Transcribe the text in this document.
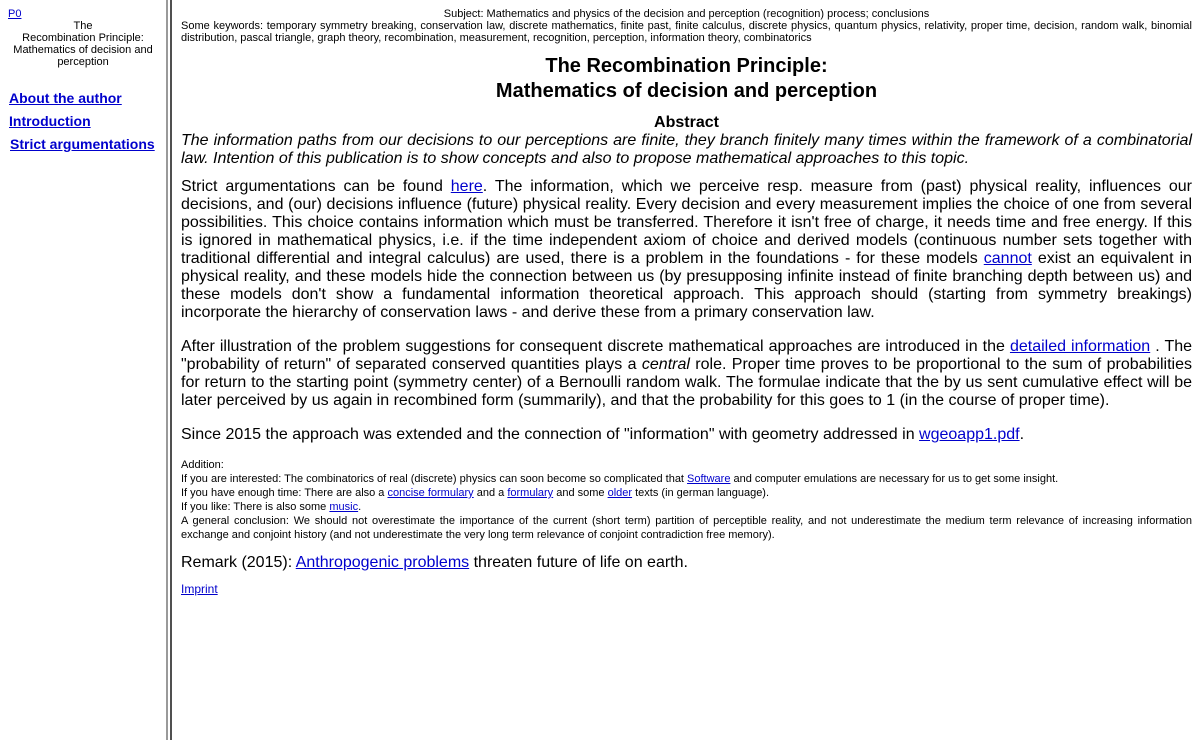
P0
The
Recombination Principle:
Mathematics of decision and
perception
About the author
Introduction
Strict argumentations
Subject: Mathematics and physics of the decision and perception (recognition) process; conclusions
Some keywords: temporary symmetry breaking, conservation law, discrete mathematics, finite past, finite calculus, discrete physics, quantum physics, relativity, proper time, decision, random walk, binomial distribution, pascal triangle, graph theory, recombination, measurement, recognition, perception, information theory, combinatorics
The Recombination Principle:
Mathematics of decision and perception
Abstract

The information paths from our decisions to our perceptions are finite, they branch finitely many times within the framework of a combinatorial law. Intention of this publication is to show concepts and also to propose mathematical approaches to this topic.

Strict argumentations can be found here. The information, which we perceive resp. measure from (past) physical reality, influences our decisions, and (our) decisions influence (future) physical reality. Every decision and every measurement implies the choice of one from several possibilities. This choice contains information which must be transferred. Therefore it isn't free of charge, it needs time and free energy. If this is ignored in mathematical physics, i.e. if the time independent axiom of choice and derived models (continuous number sets together with traditional differential and integral calculus) are used, there is a problem in the foundations - for these models cannot exist an equivalent in physical reality, and these models hide the connection between us (by presupposing infinite instead of finite branching depth between us) and these models don't show a fundamental information theoretical approach. This approach should (starting from symmetry breakings) incorporate the hierarchy of conservation laws - and derive these from a primary conservation law.

After illustration of the problem suggestions for consequent discrete mathematical approaches are introduced in the detailed information . The "probability of return" of separated conserved quantities plays a central role. Proper time proves to be proportional to the sum of probabilities for return to the starting point (symmetry center) of a Bernoulli random walk. The formulae indicate that the by us sent cumulative effect will be later perceived by us again in recombined form (summarily), and that the probability for this goes to 1 (in the course of proper time).

Since 2015 the approach was extended and the connection of "information" with geometry addressed in wgeoapp1.pdf.

Addition:
If you are interested: The combinatorics of real (discrete) physics can soon become so complicated that Software and computer emulations are necessary for us to get some insight.
If you have enough time: There are also a concise formulary and a formulary and some older texts (in german language).
If you like: There is also some music.
A general conclusion: We should not overestimate the importance of the current (short term) partition of perceptible reality, and not underestimate the medium term relevance of increasing information exchange and conjoint history (and not underestimate the very long term relevance of conjoint contradiction free memory).

Remark (2015): Anthropogenic problems threaten future of life on earth.

Imprint
